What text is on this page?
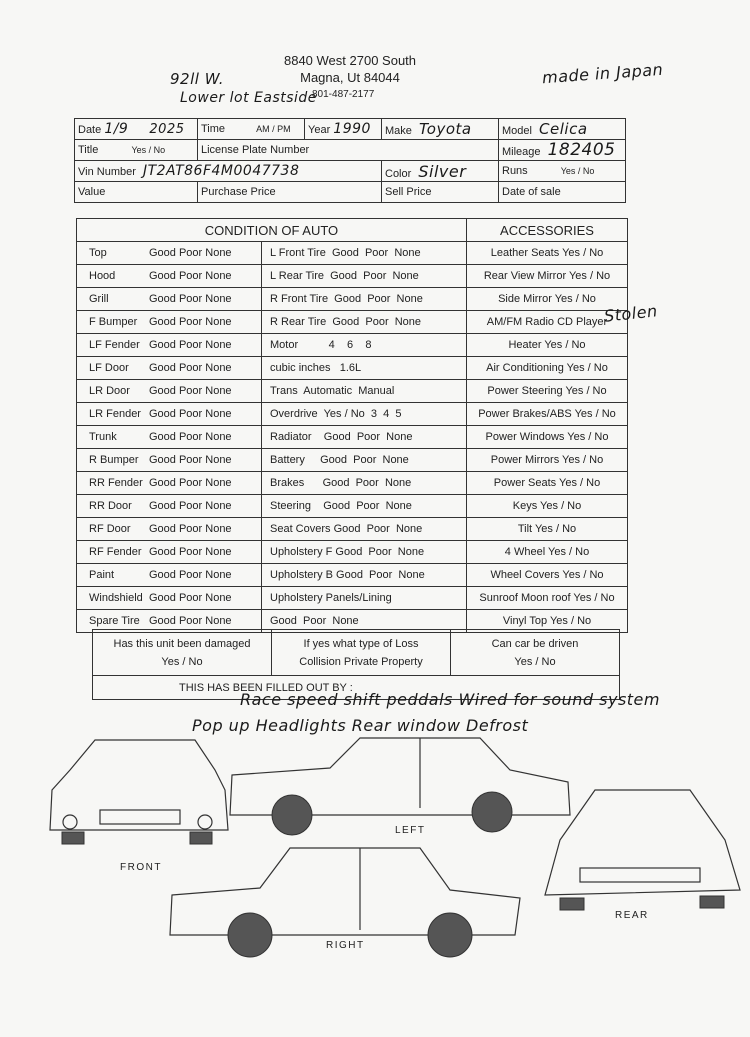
8840 West 2700 South
Magna, Ut 84044
801-487-2177
92ll W.
Lower lot Eastside
made in Japan
Date 1/9 2025	Time AM / PM	Year 1990	Make Toyota	Model Celica
Title Yes / No	License Plate Number			Mileage 182405
Vin Number JT2AT86F4M0047738			Color Silver	Runs Yes / No
Value	Purchase Price		Sell Price	Date of sale
CONDITION OF AUTO		ACCESSORIES
Top Good Poor None	L Front Tire  Good  Poor  None	Leather Seats Yes / No
Hood Good Poor None	L Rear Tire  Good  Poor  None	Rear View Mirror Yes / No
Grill Good Poor None	R Front Tire  Good  Poor  None	Side Mirror Yes / No
F Bumper Good Poor None	R Rear Tire  Good  Poor  None	AM/FM Radio CD Player
LF Fender Good Poor None	Motor          4    6    8	Heater Yes / No
LF Door Good Poor None	cubic inches   1.6L	Air Conditioning Yes / No
LR Door Good Poor None	Trans  Automatic  Manual	Power Steering Yes / No
LR Fender Good Poor None	Overdrive  Yes / No  3  4  5	Power Brakes/ABS Yes / No
Trunk Good Poor None	Radiator    Good  Poor  None	Power Windows Yes / No
R Bumper Good Poor None	Battery     Good  Poor  None	Power Mirrors Yes / No
RR Fender Good Poor None	Brakes      Good  Poor  None	Power Seats Yes / No
RR Door Good Poor None	Steering    Good  Poor  None	Keys Yes / No
RF Door Good Poor None	Seat Covers Good  Poor  None	Tilt Yes / No
RF Fender Good Poor None	Upholstery F Good  Poor  None	4 Wheel Yes / No
Paint Good Poor None	Upholstery B Good  Poor  None	Wheel Covers Yes / No
Windshield Good Poor None	Upholstery Panels/Lining	Sunroof Moon roof Yes / No
Spare Tire Good Poor None	Good  Poor  None	Vinyl Top Yes / No
Stolen
Has this unit been damaged
Yes / No

If yes what type of Loss
Collision Private Property

Can car be driven
Yes / No

THIS HAS BEEN FILLED OUT BY :
Race speed shift peddals Wired for sound system
Pop up Headlights Rear window Defrost
FRONT
LEFT
RIGHT
REAR
